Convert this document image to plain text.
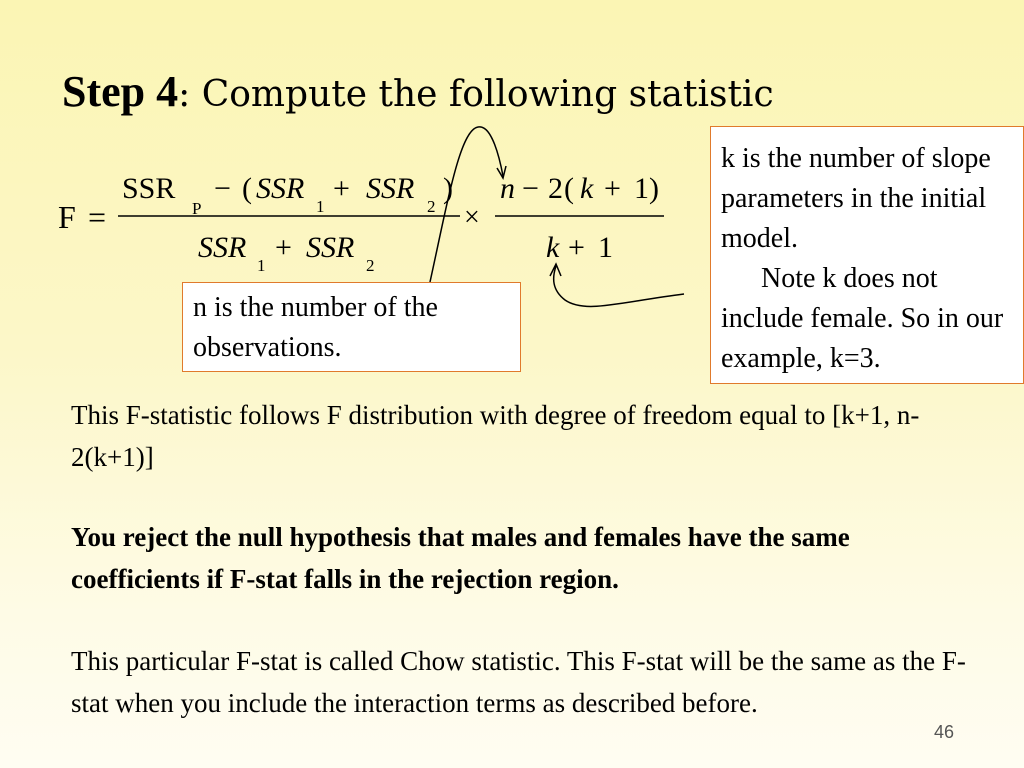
Step 4: Compute the following statistic
F =
SSR
P
− ( SSR
1
+ SSR
2
)
SSR
1
+ SSR
2
×
n − 2 ( k + 1 )
k + 1
n is the number of the observations.
k is the number of slope parameters in the initial model.
Note k does not include female. So in our example, k=3.
This F-statistic follows F distribution with degree of freedom equal to [k+1, n-2(k+1)]
You reject the null hypothesis that males and females have the same coefficients if F-stat falls in the rejection region.
This particular F-stat is called Chow statistic. This F-stat will be the same as the F-stat when you include the interaction terms as described before.
46
